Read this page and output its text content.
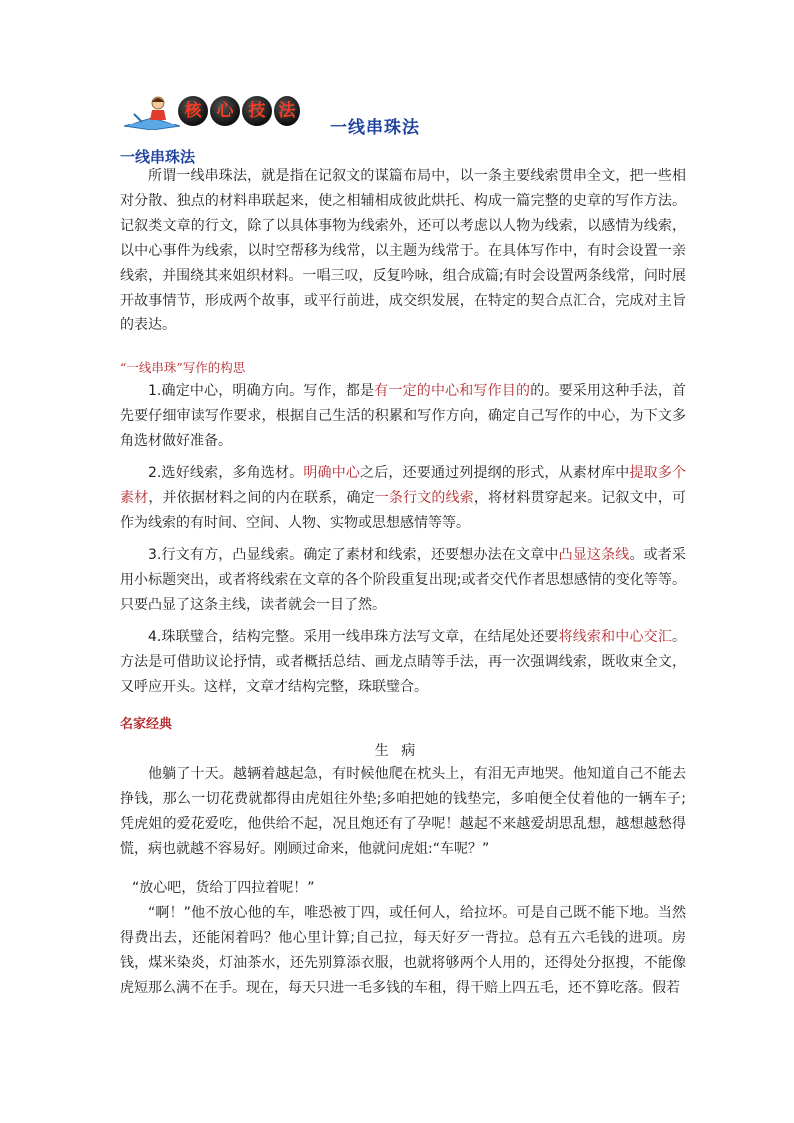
核 心 技 法
一线串珠法
一线串珠法

所谓一线串珠法，就是指在记叙文的谋篇布局中，以一条主要线索贯串全文，把一些相对分散、独点的材料串联起来，使之相辅相成彼此烘托、构成一篇完整的史章的写作方法。记叙类文章的行文，除了以具体事物为线索外，还可以考虑以人物为线索，以感情为线索，以中心事件为线索，以时空帮移为线常，以主题为线常于。在具体写作中，有时会设置一亲线索，并围绕其来姐织材料。一唱三叹，反复吟咏，组合成篇;有时会设置两条线常，问时展开故事情节，形成两个故事，或平行前进，成交织发展，在特定的契合点汇合，完成对主旨的表达。

“一线串珠”写作的构思

1.确定中心，明确方向。写作，都是有一定的中心和写作目的的。要采用这种手法，首先要仔细审读写作要求，根据自己生活的积累和写作方向，确定自己写作的中心，为下文多角选材做好准备。

2.选好线索，多角选材。明确中心之后，还要通过列提纲的形式，从素材库中提取多个素材，并依据材料之间的内在联系，确定一条行文的线索，将材料贯穿起来。记叙文中，可作为线索的有时间、空间、人物、实物或思想感情等等。

3.行文有方，凸显线索。确定了素材和线索，还要想办法在文章中凸显这条线。或者采用小标题突出，或者将线索在文章的各个阶段重复出现;或者交代作者思想感情的变化等等。只要凸显了这条主线，读者就会一目了然。

4.珠联璧合，结构完整。采用一线串珠方法写文章，在结尾处还要将线索和中心交汇。方法是可借助议论抒情，或者概括总结、画龙点睛等手法，再一次强调线索，既收束全文，又呼应开头。这样，文章才结构完整，珠联璧合。

名家经典
生 病

他躺了十天。越辆着越起急，有时候他爬在枕头上，有泪无声地哭。他知道自己不能去挣钱，那么一切花费就都得由虎姐往外垫;多咱把她的钱垫完，多咱便全仗着他的一辆车子;凭虎姐的爱花爱吃，他供给不起，况且炮还有了孕呢！越起不来越爱胡思乱想，越想越愁得慌，病也就越不容易好。刚顾过命来，他就问虎姐:“车呢？”

“放心吧，货给丁四拉着呢！”

“啊！”他不放心他的车，唯恐被丁四，或任何人，给拉坏。可是自己既不能下地。当然得费出去，还能闲着吗？他心里计算;自己拉，每天好歹一背拉。总有五六毛钱的进项。房钱，煤米染炎，灯油茶水，还先别算添衣服，也就将够两个人用的，还得处分抠搜，不能像虎短那么满不在手。现在，每天只进一毛多钱的车租，得干赔上四五毛，还不算吃落。假若
